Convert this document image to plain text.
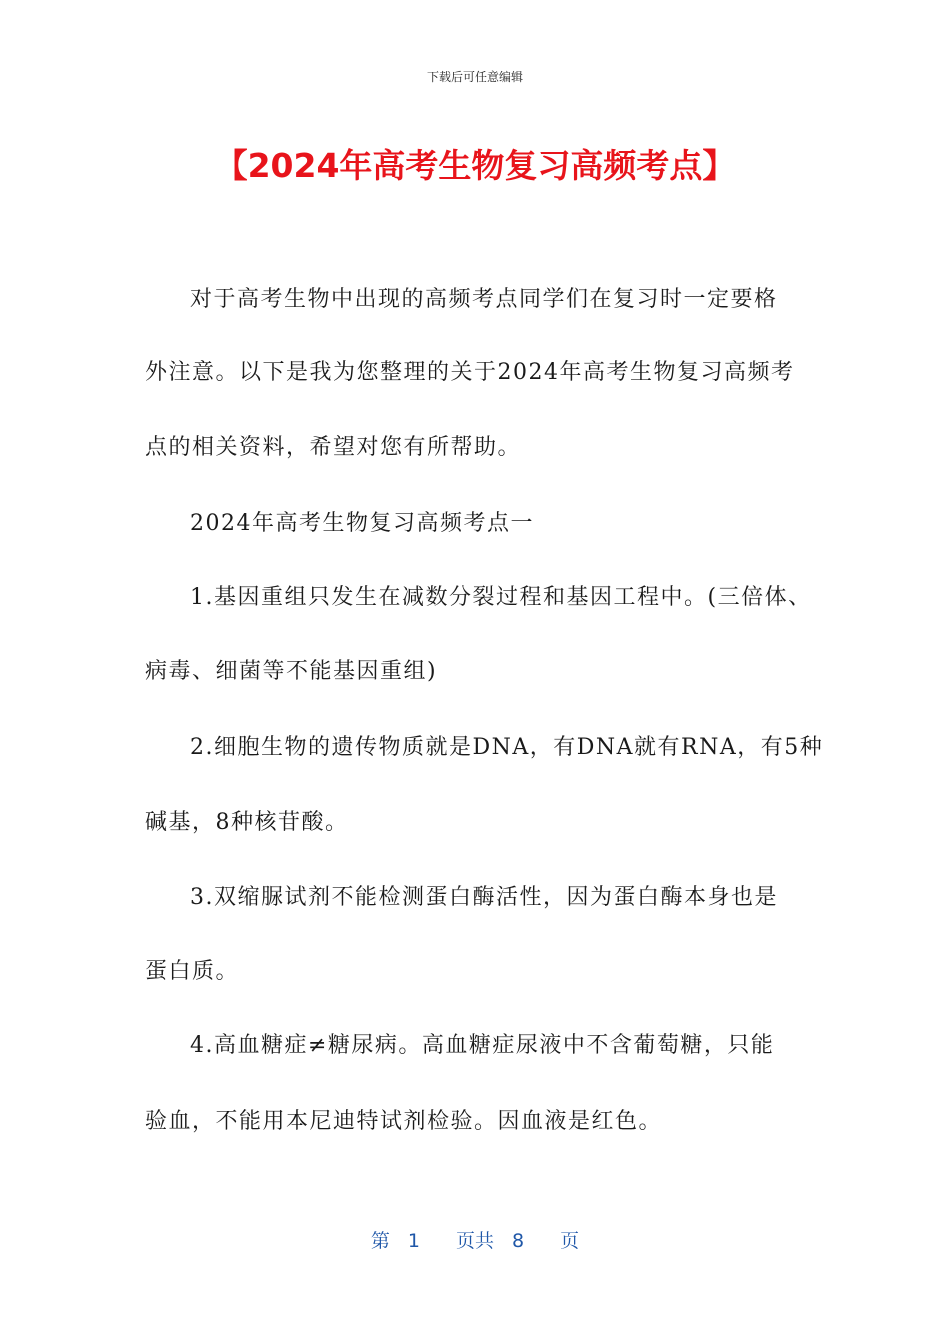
下载后可任意编辑
【2024年高考生物复习高频考点】
对于高考生物中出现的高频考点同学们在复习时一定要格
外注意。以下是我为您整理的关于2024年高考生物复习高频考
点的相关资料，希望对您有所帮助。
2024年高考生物复习高频考点一
1.基因重组只发生在减数分裂过程和基因工程中。(三倍体、
病毒、细菌等不能基因重组)
2.细胞生物的遗传物质就是DNA，有DNA就有RNA，有5种
碱基，8种核苷酸。
3.双缩脲试剂不能检测蛋白酶活性，因为蛋白酶本身也是
蛋白质。
4.高血糖症≠糖尿病。高血糖症尿液中不含葡萄糖，只能
验血，不能用本尼迪特试剂检验。因血液是红色。
第 1 页共 8 页
